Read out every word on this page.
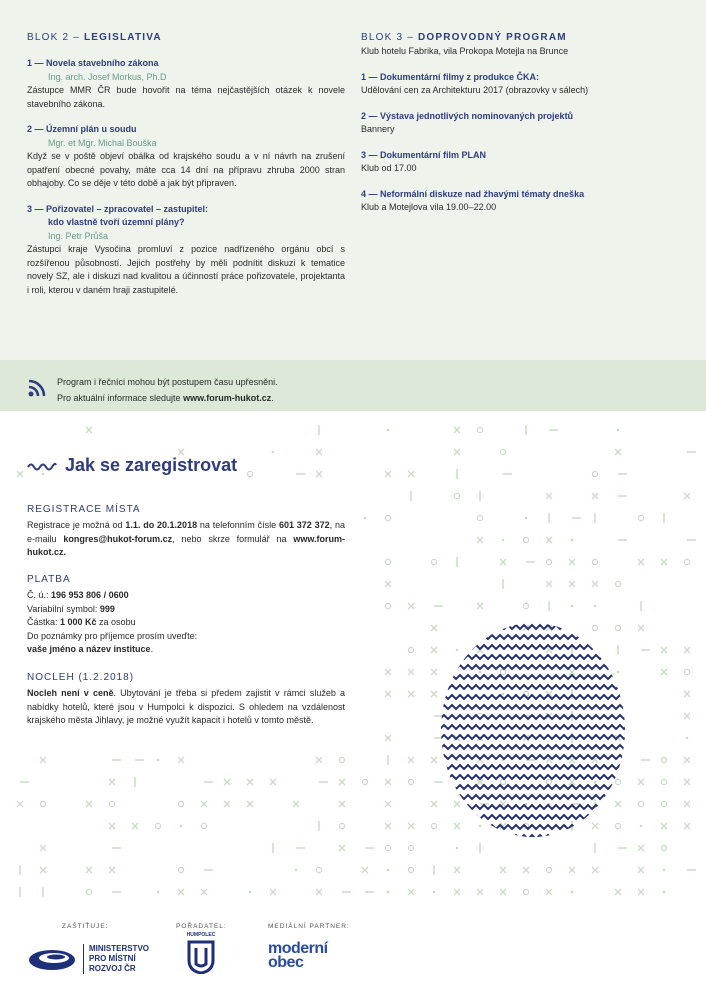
BLOK 2 – LEGISLATIVA
1 — Novela stavebního zákona
Ing. arch. Josef Morkus, Ph.D
Zástupce MMR ČR bude hovořit na téma nejčastějších otázek k novele stavebního zákona.
2 — Územní plán u soudu
Mgr. et Mgr. Michal Bouška
Když se v poště objeví obálka od krajského soudu a v ní návrh na zrušení opatření obecné povahy, máte cca 14 dní na přípravu zhruba 2000 stran obhajoby. Co se děje v této době a jak být připraven.
3 — Pořizovatel – zpracovatel – zastupitel:
kdo vlastně tvoří územní plány?
Ing. Petr Průša
Zástupci kraje Vysočina promluví z pozice nadřízeného orgánu obcí s rozšířenou působností. Jejich postřehy by měli podnítit diskuzi k tematice novely SZ, ale i diskuzi nad kvalitou a účinností práce pořizovatele, projektanta i roli, kterou v daném hraji zastupitelé.
BLOK 3 – DOPROVODNÝ PROGRAM
Klub hotelu Fabrika, vila Prokopa Motejla na Brunce
1 — Dokumentární filmy z produkce ČKA:
Udělování cen za Architekturu 2017 (obrazovky v sálech)
2 — Výstava jednotlivých nominovaných projektů
Bannery
3 — Dokumentární film PLAN
Klub od 17.00
4 — Neformální diskuze nad žhavými tématy dneška
Klub a Motejlova vila 19.00–22.00
Program i řečníci mohou být postupem času upřesněni.
Pro aktuální informace sledujte www.forum-hukot.cz.
Jak se zaregistrovat
REGISTRACE MÍSTA

Registrace je možná od 1.1. do 20.1.2018 na telefonním čísle 601 372 372, na e-mailu kongres@hukot-forum.cz, nebo skrze formulář na www.forum-hukot.cz.

PLATBA

Č. ú.: 196 953 806 / 0600

Variabilní symbol: 999

Částka: 1 000 Kč za osobu

Do poznámky pro příjemce prosím uveďte:

vaše jméno a název instituce.

NOCLEH (1.2.2018)

Nocleh není v ceně. Ubytování je třeba si předem zajistit v rámci služeb a nabídky hotelů, které jsou v Humpolci k dispozici. S ohledem na vzdálenost krajského města Jihlavy, je možné využít kapacit i hotelů v tomto městě.

ZAŠTIŤUJE:	POŘADATEL:	MEDIÁLNÍ PARTNER:
MINISTERSTVO
PRO MÍSTNÍ
ROZVOJ ČR
HUMPOLEC
moderní
obec
